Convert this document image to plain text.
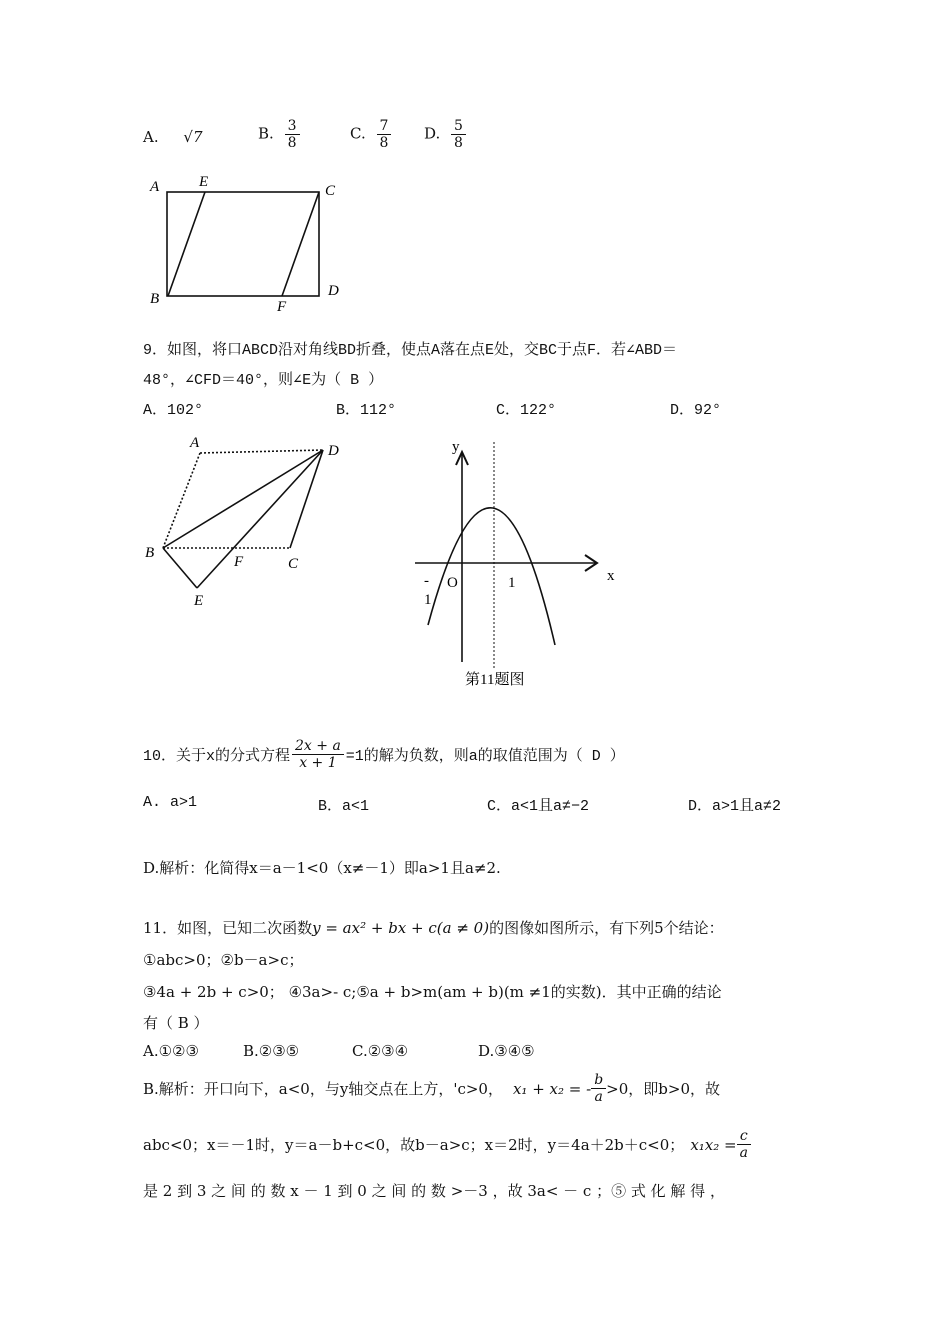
A. √7	B. $\frac{3}{8}$	C. $\frac{7}{8} D$. $\frac{5}{8}$
A	E
C
B	F
D
9．如图，将口ABCD沿对角线BD折叠，使点A落在点E处，交BC于点F．若∠ABD＝
48°，∠CFD＝40°，则∠E为（ B ）
A．102°	B．112°	C．122°	D．92°
A	D
B
F	C
E
y
x
O	1
-
1
第11题图
10．关于x的分式方程 $\frac{2x + a}{x + 1} =1$的解为负数，则a的取值范围为（ D ）
A. a>1	B．a<1	C．a<1且a≠−2	D．a>1且a≠2
D.解析：化简得x＝a－1<0（x≠－1）即a>1且a≠2.
11．如图，已知二次函数y = ax² + bx + c(a ≠ 0)的图像如图所示，有下列5个结论：
①abc>0；②b－a>c；
③4a + 2b + c>0； ④3a>- c;⑤a + b>m(am + b)(m ≠1的实数)．其中正确的结论
有（ B ）
A.①②③	B.②③⑤	C.②③④	D.③④⑤
B.解析：开口向下，a<0，与y轴交点在上方，'c>0， x₁ + x₂ = - $\frac{b}{a} >0$，即b>0，故
abc<0；x＝－1时，y＝a－b+c<0，故b－a>c；x＝2时，y＝4a＋2b＋c<0； $x_1x_2 = \frac{c}{a}$
是 2 到 3 之 间 的 数 x － 1 到 0 之 间 的 数 >－3 ，故 3a< － c ；⑤ 式 化 解 得 ，
